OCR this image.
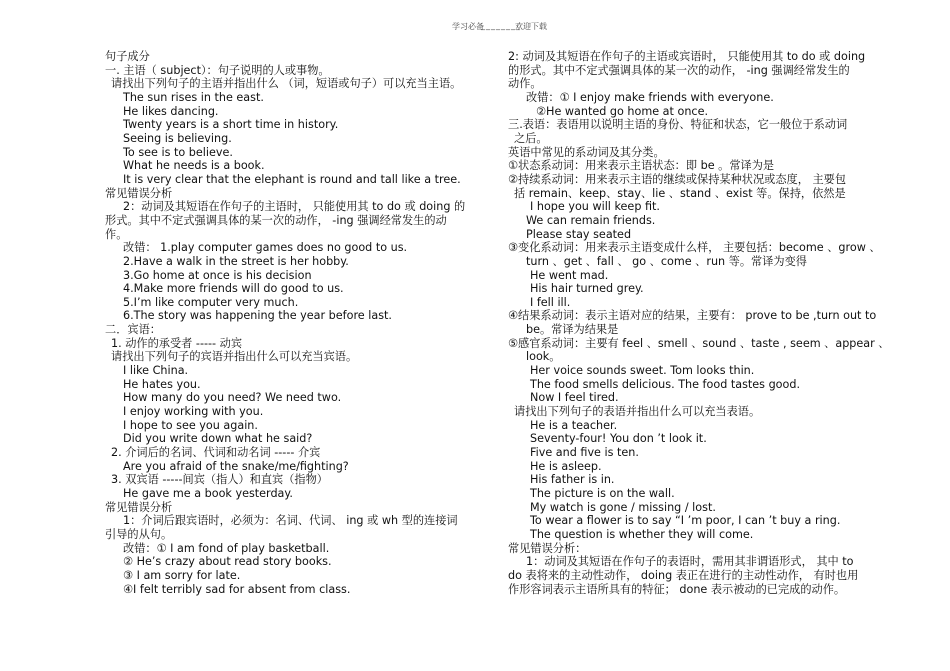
学习必备
________
欢迎下载
句子成分
一. 主语（ subject）：句子说明的人或事物。
请找出下列句子的主语并指出什么 （词，短语或句子）可以充当主语。
The sun rises in the east.
He likes dancing.
Twenty years is a short time in history.
Seeing is believing.
To see is to believe.
What he needs is a book.
It is very clear that the elephant is round and tall like a tree.
常见错误分析
2：动词及其短语在作句子的主语时， 只能使用其 to do 或 doing 的
形式。其中不定式强调具体的某一次的动作， -ing 强调经常发生的动
作。
改错： 1.play computer games does no good to us.
2.Have a walk in the street is her hobby.
3.Go home at once is his decision
4.Make more friends will do good to us.
5.I’m like computer very much.
6.The story was happening the year before last.
二．宾语：
1. 动作的承受者 ----- 动宾
请找出下列句子的宾语并指出什么可以充当宾语。
I like China.
He hates you.
How many do you need? We need two.
I enjoy working with you.
I hope to see you again.
Did you write down what he said?
2. 介词后的名词、代词和动名词 ----- 介宾
Are you afraid of the snake/me/fighting?
3. 双宾语 -----间宾（指人）和直宾（指物）
He gave me a book yesterday.
常见错误分析
1：介词后跟宾语时，必须为：名词、代词、 ing 或 wh 型的连接词
引导的从句。
改错：① I am fond of play basketball.
② He’s crazy about read story books.
③ I am sorry for late.
④I felt terribly sad for absent from class.
2: 动词及其短语在作句子的主语或宾语时， 只能使用其 to do 或 doing
的形式。其中不定式强调具体的某一次的动作， -ing 强调经常发生的
动作。
改错：① I enjoy make friends with everyone.
②He wanted go home at once.
三.表语：表语用以说明主语的身份、特征和状态，它一般位于系动词
之后。
英语中常见的系动词及其分类。
①状态系动词：用来表示主语状态：即 be 。常译为是
②持续系动词：用来表示主语的继续或保持某种状况或态度， 主要包
括 remain、keep、stay、lie 、stand 、exist 等。保持，依然是
I hope you will keep fit.
We can remain friends.
Please stay seated
③变化系动词：用来表示主语变成什么样， 主要包括：become 、grow 、
turn 、get 、fall 、 go 、come 、run 等。常译为变得
He went mad.
His hair turned grey.
I fell ill.
④结果系动词：表示主语对应的结果，主要有： prove to be ,turn out to
be。常译为结果是
⑤感官系动词：主要有 feel 、smell 、sound 、taste , seem 、appear 、
look。
Her voice sounds sweet. Tom looks thin.
The food smells delicious. The food tastes good.
Now I feel tired.
请找出下列句子的表语并指出什么可以充当表语。
He is a teacher.
Seventy-four! You don ’t look it.
Five and five is ten.
He is asleep.
His father is in.
The picture is on the wall.
My watch is gone / missing / lost.
To wear a flower is to say “I ’m poor, I can ’t buy a ring.
The question is whether they will come.
常见错误分析：
1：动词及其短语在作句子的表语时，需用其非谓语形式， 其中 to
do 表将来的主动性动作， doing 表正在进行的主动性动作， 有时也用
作形容词表示主语所具有的特征； done 表示被动的已完成的动作。
